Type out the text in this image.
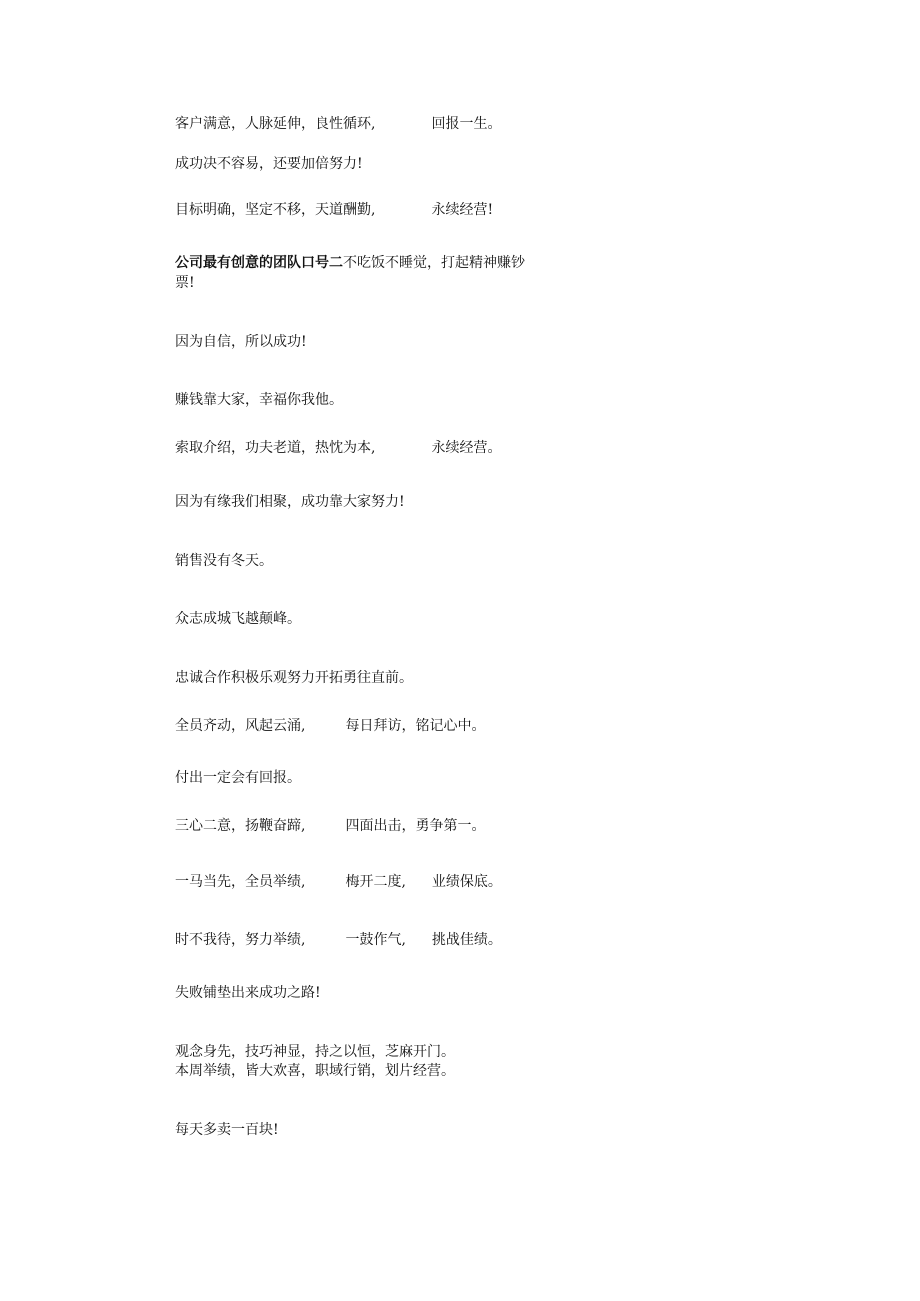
客户满意，人脉延伸，良性循环,	回报一生。
成功决不容易，还要加倍努力!
目标明确，坚定不移，天道酬勤,	永续经营!
公司最有创意的团队口号二不吃饭不睡觉，打起精神赚钞票!
因为自信，所以成功!
赚钱靠大家，幸福你我他。
索取介绍，功夫老道，热忱为本,	永续经营。
因为有缘我们相聚，成功靠大家努力!
销售没有冬天。
众志成城飞越颠峰。
忠诚合作积极乐观努力开拓勇往直前。
全员齐动，风起云涌,	每日拜访，铭记心中。
付出一定会有回报。
三心二意，扬鞭奋蹄,	四面出击，勇争第一。
一马当先，全员举绩,	梅开二度, 业绩保底。
时不我待，努力举绩,	一鼓作气, 挑战佳绩。
失败铺垫出来成功之路!
观念身先，技巧神显，持之以恒，芝麻开门。
本周举绩，皆大欢喜，职域行销，划片经营。
每天多卖一百块!
